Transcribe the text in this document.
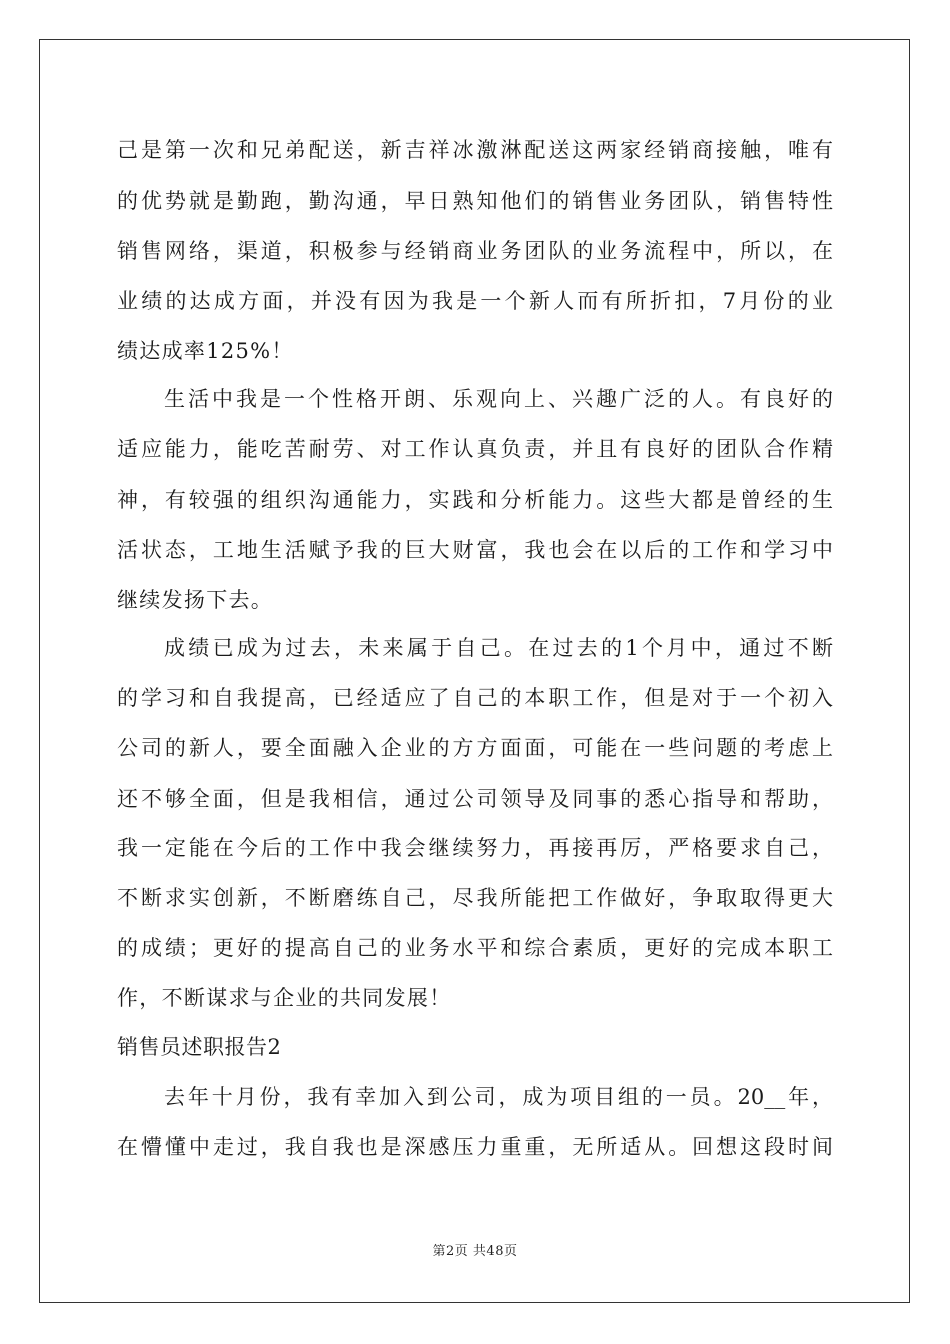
己是第一次和兄弟配送，新吉祥冰激淋配送这两家经销商接触，唯有
的优势就是勤跑，勤沟通，早日熟知他们的销售业务团队，销售特性
销售网络，渠道，积极参与经销商业务团队的业务流程中，所以，在
业绩的达成方面，并没有因为我是一个新人而有所折扣，7月份的业
绩达成率125%！
生活中我是一个性格开朗、乐观向上、兴趣广泛的人。有良好的
适应能力，能吃苦耐劳、对工作认真负责，并且有良好的团队合作精
神，有较强的组织沟通能力，实践和分析能力。这些大都是曾经的生
活状态，工地生活赋予我的巨大财富，我也会在以后的工作和学习中
继续发扬下去。
成绩已成为过去，未来属于自己。在过去的1个月中，通过不断
的学习和自我提高，已经适应了自己的本职工作，但是对于一个初入
公司的新人，要全面融入企业的方方面面，可能在一些问题的考虑上
还不够全面，但是我相信，通过公司领导及同事的悉心指导和帮助，
我一定能在今后的工作中我会继续努力，再接再厉，严格要求自己，
不断求实创新，不断磨练自己，尽我所能把工作做好，争取取得更大
的成绩；更好的提高自己的业务水平和综合素质，更好的完成本职工
作，不断谋求与企业的共同发展！
销售员述职报告2
去年十月份，我有幸加入到公司，成为项目组的一员。20__年，
在懵懂中走过，我自我也是深感压力重重，无所适从。回想这段时间
第2页 共48页
